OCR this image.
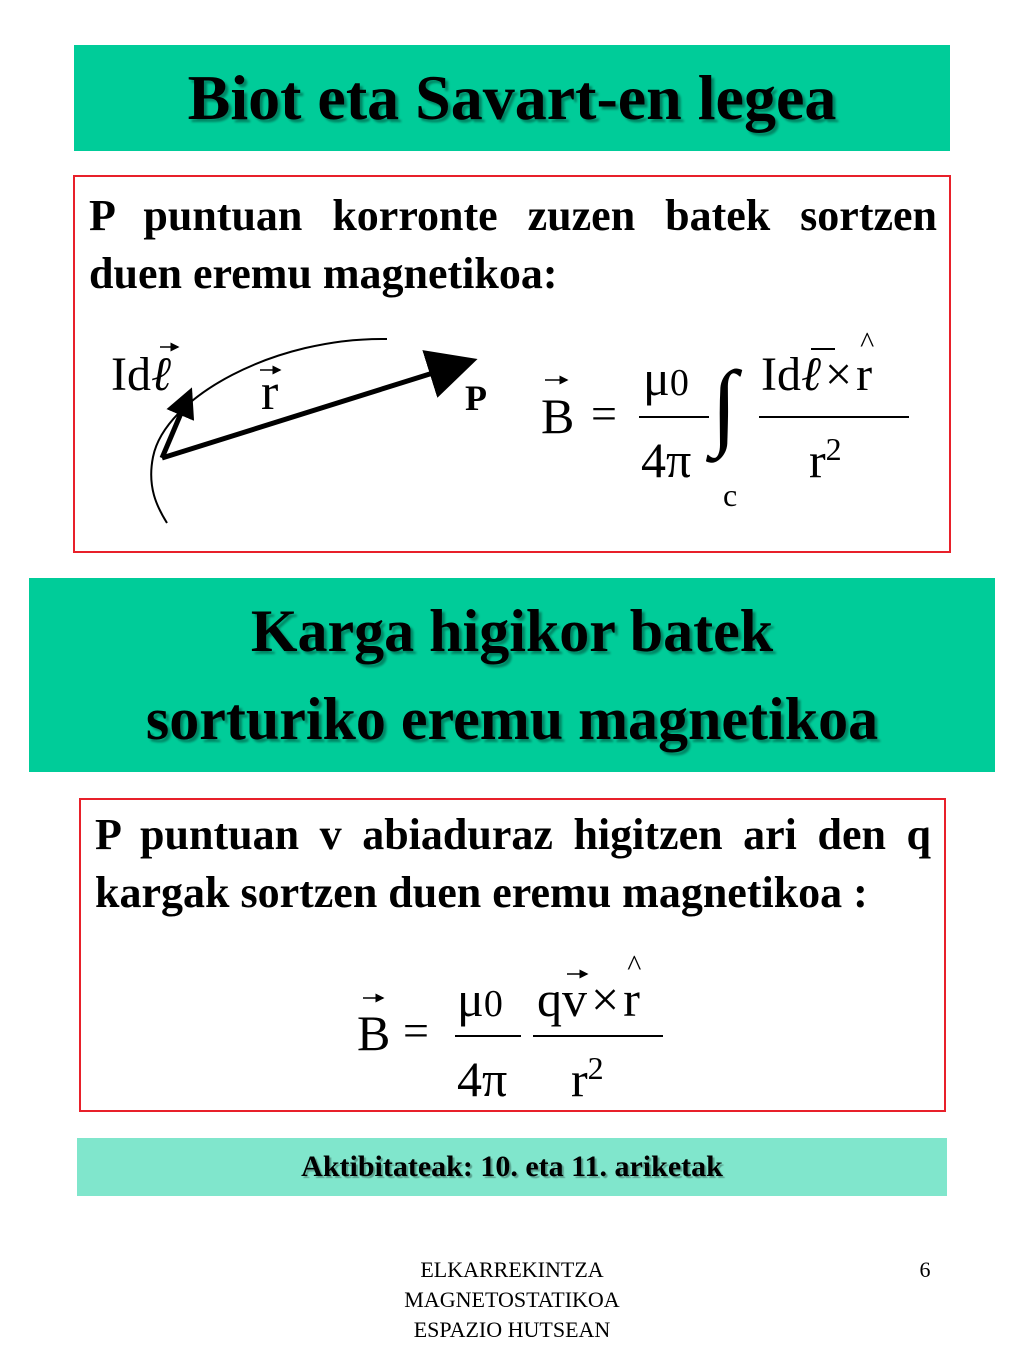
Biot eta Savart-en legea
P puntuan korronte zuzen batek sortzen duen eremu magnetikoa:
Idℓ r	P B =
μ0
4π
∫
c
Idℓ×r
^
$r^2$
Karga higikor batek
sorturiko eremu magnetikoa
P puntuan v abiaduraz higitzen ari den q kargak sortzen duen eremu magnetikoa :
B =
μ0
4π
qv×r
^
$r^2$
Aktibitateak: 10. eta 11. ariketak
ELKARREKINTZA
MAGNETOSTATIKOA
ESPAZIO HUTSEAN
6
